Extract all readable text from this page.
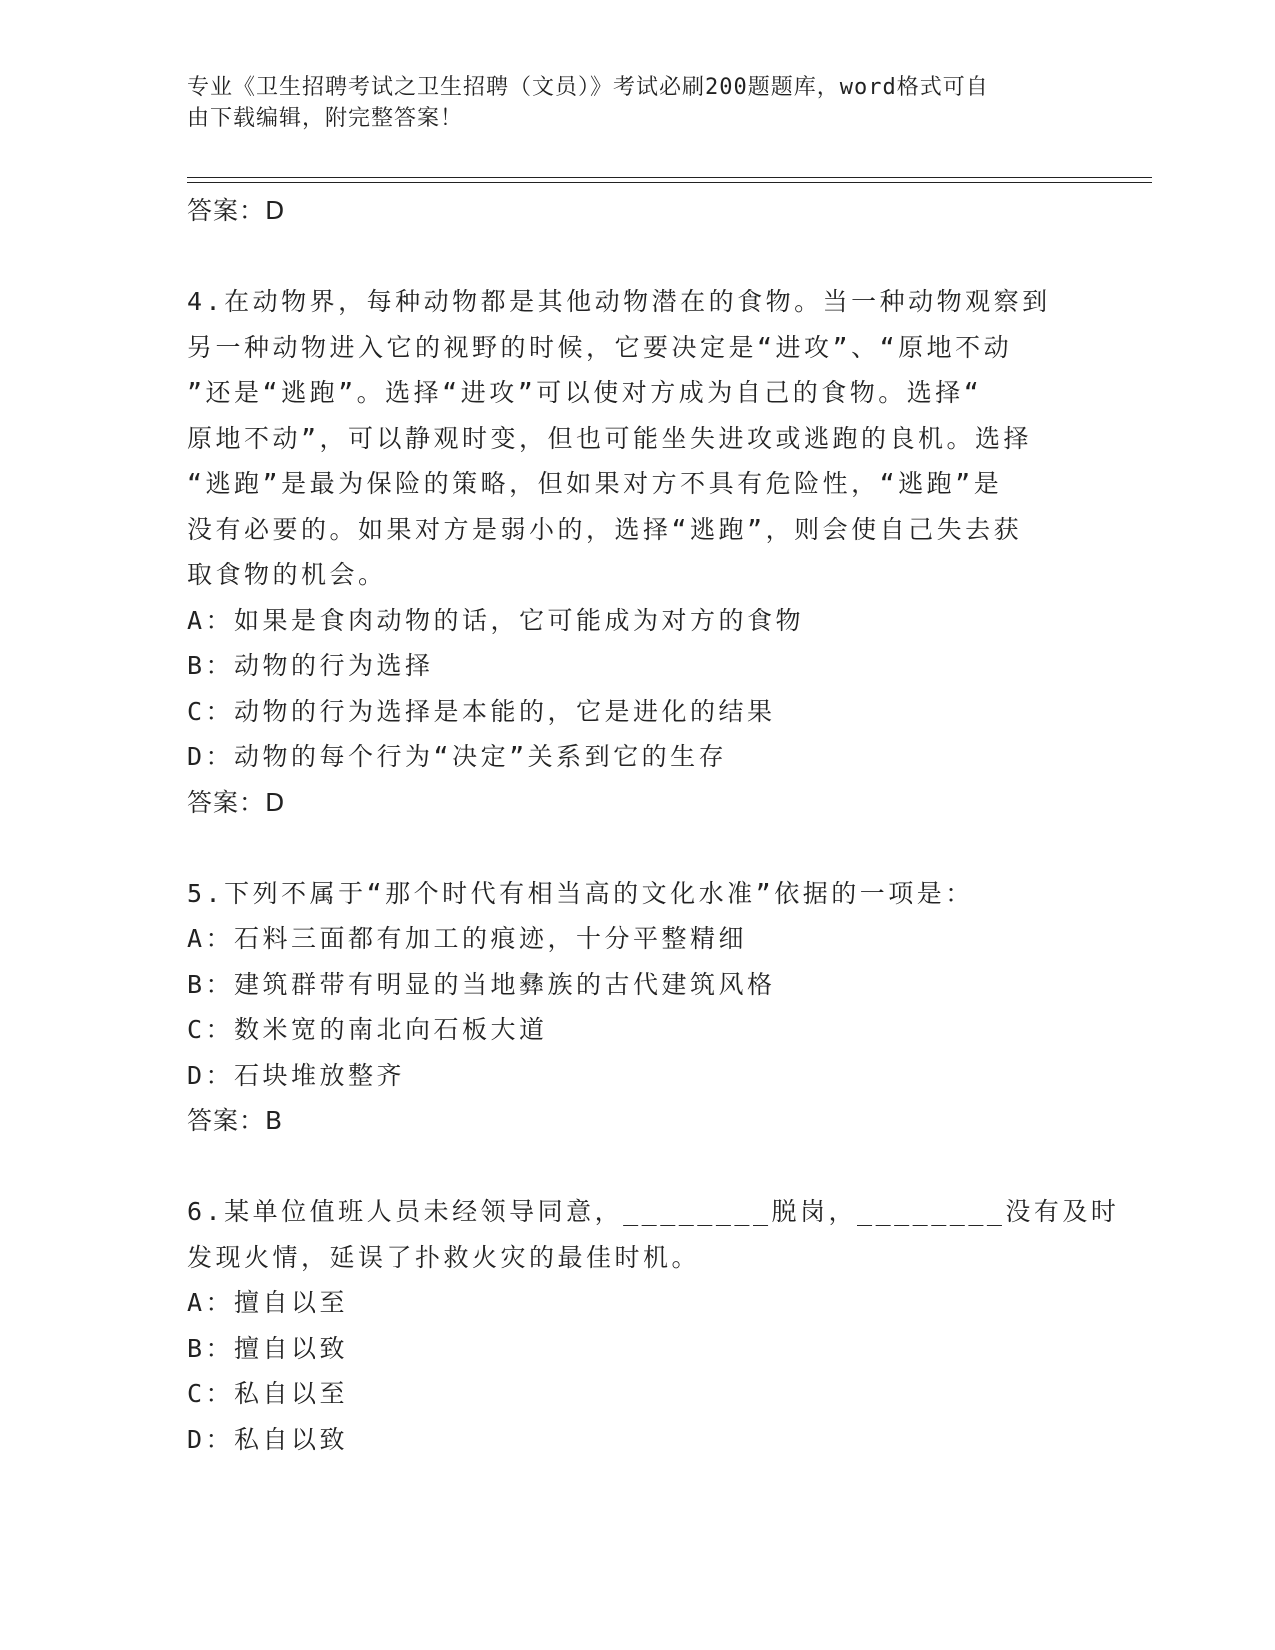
专业《卫生招聘考试之卫生招聘（文员）》考试必刷200题题库，word格式可自
由下载编辑，附完整答案！
答案：D
4.在动物界，每种动物都是其他动物潜在的食物。当一种动物观察到
另一种动物进入它的视野的时候，它要决定是“进攻”、“原地不动
”还是“逃跑”。选择“进攻”可以使对方成为自己的食物。选择“
原地不动”，可以静观时变，但也可能坐失进攻或逃跑的良机。选择
“逃跑”是最为保险的策略，但如果对方不具有危险性，“逃跑”是
没有必要的。如果对方是弱小的，选择“逃跑”，则会使自己失去获
取食物的机会。
A：如果是食肉动物的话，它可能成为对方的食物
B：动物的行为选择
C：动物的行为选择是本能的，它是进化的结果
D：动物的每个行为“决定”关系到它的生存
答案：D
5.下列不属于“那个时代有相当高的文化水准”依据的一项是：
A：石料三面都有加工的痕迹，十分平整精细
B：建筑群带有明显的当地彝族的古代建筑风格
C：数米宽的南北向石板大道
D：石块堆放整齐
答案：B
6.某单位值班人员未经领导同意，________脱岗，________没有及时
发现火情，延误了扑救火灾的最佳时机。
A：擅自以至
B：擅自以致
C：私自以至
D：私自以致
